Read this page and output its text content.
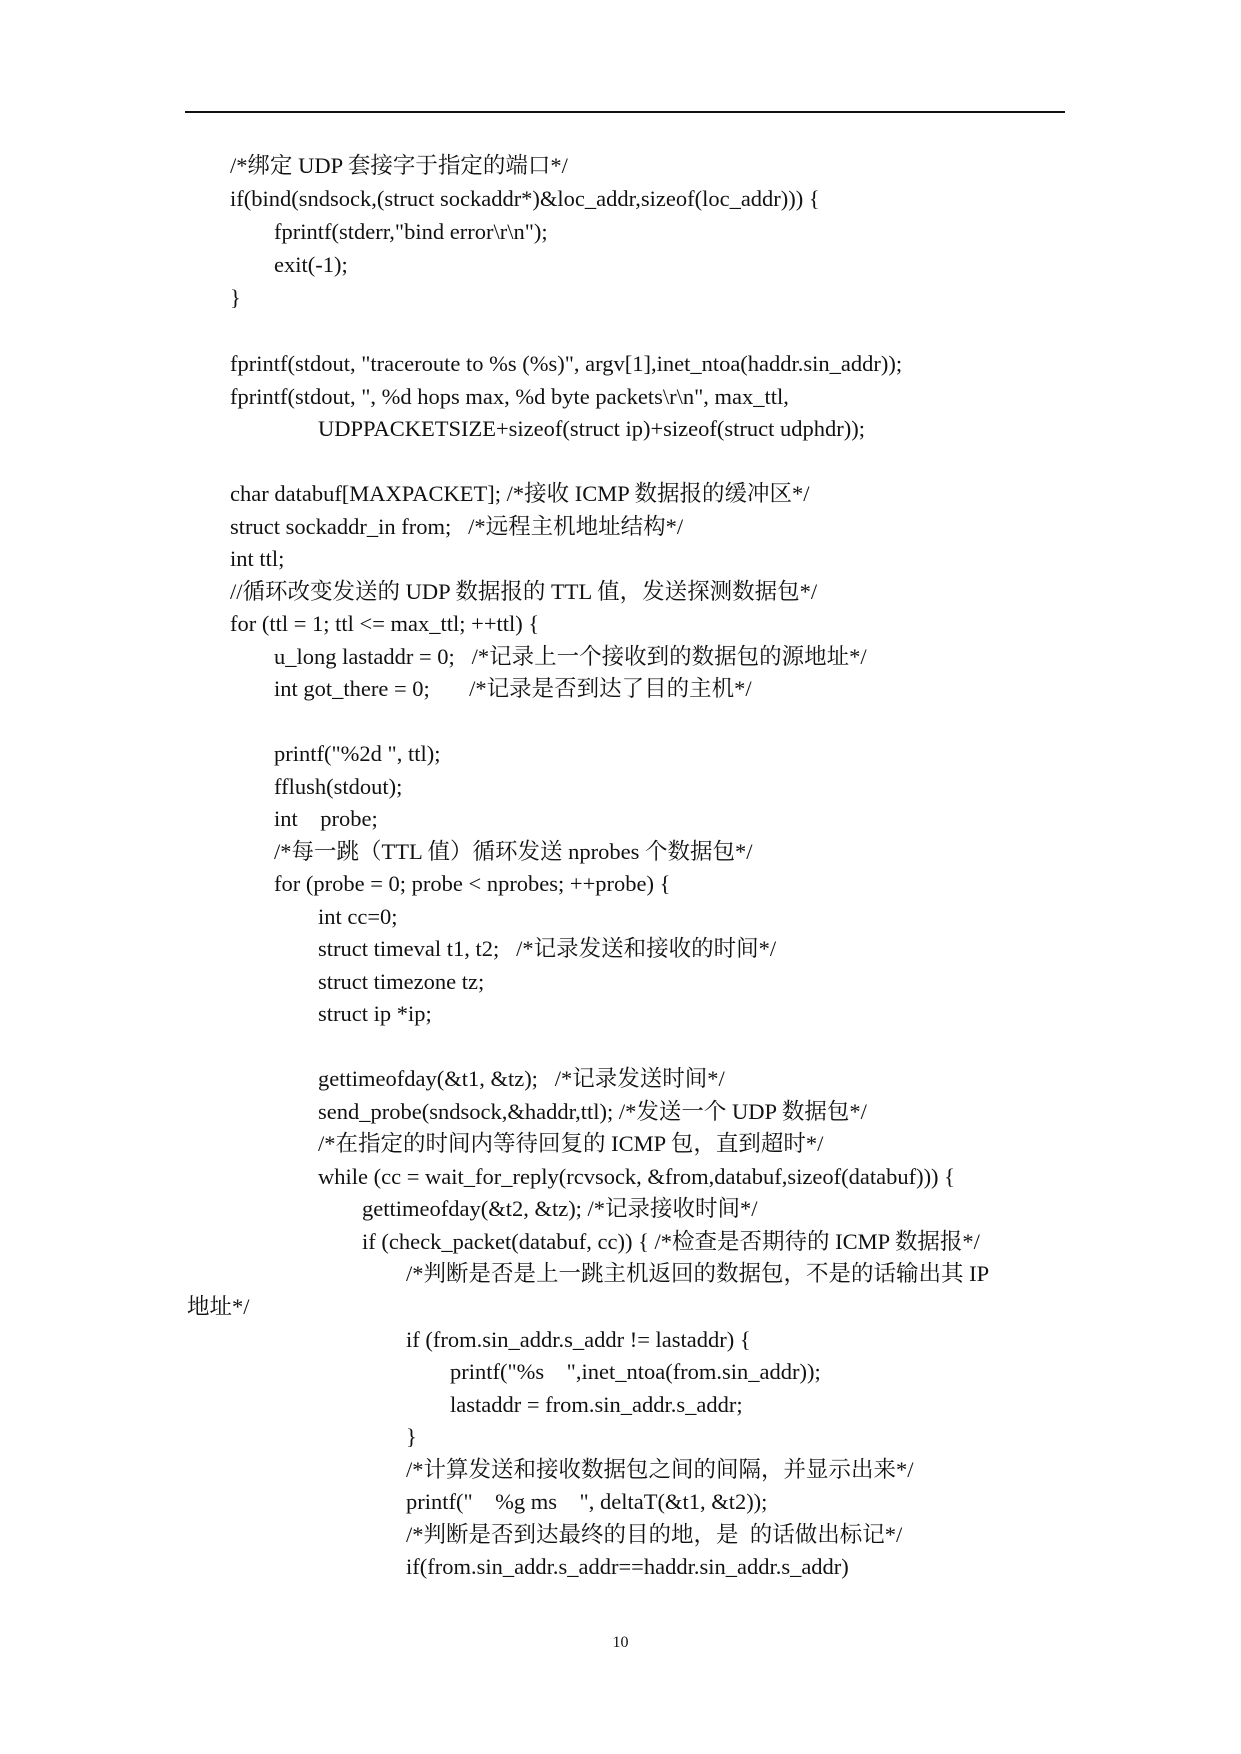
/*绑定 UDP 套接字于指定的端口*/
if(bind(sndsock,(struct sockaddr*)&loc_addr,sizeof(loc_addr))) {
fprintf(stderr,"bind error\r\n");
exit(-1);
}
fprintf(stdout, "traceroute to %s (%s)", argv[1],inet_ntoa(haddr.sin_addr));
fprintf(stdout, ", %d hops max, %d byte packets\r\n", max_ttl,
UDPPACKETSIZE+sizeof(struct ip)+sizeof(struct udphdr));
char databuf[MAXPACKET]; /*接收 ICMP 数据报的缓冲区*/
struct sockaddr_in from;   /*远程主机地址结构*/
int ttl;
//循环改变发送的 UDP 数据报的 TTL 值，发送探测数据包*/
for (ttl = 1; ttl <= max_ttl; ++ttl) {
u_long lastaddr = 0;   /*记录上一个接收到的数据包的源地址*/
int got_there = 0;       /*记录是否到达了目的主机*/
printf("%2d ", ttl);
fflush(stdout);
int    probe;
/*每一跳（TTL 值）循环发送 nprobes 个数据包*/
for (probe = 0; probe < nprobes; ++probe) {
int cc=0;
struct timeval t1, t2;   /*记录发送和接收的时间*/
struct timezone tz;
struct ip *ip;
gettimeofday(&t1, &tz);   /*记录发送时间*/
send_probe(sndsock,&haddr,ttl); /*发送一个 UDP 数据包*/
/*在指定的时间内等待回复的 ICMP 包，直到超时*/
while (cc = wait_for_reply(rcvsock, &from,databuf,sizeof(databuf))) {
gettimeofday(&t2, &tz); /*记录接收时间*/
if (check_packet(databuf, cc)) { /*检查是否期待的 ICMP 数据报*/
/*判断是否是上一跳主机返回的数据包，不是的话输出其 IP
地址*/
if (from.sin_addr.s_addr != lastaddr) {
printf("%s    ",inet_ntoa(from.sin_addr));
lastaddr = from.sin_addr.s_addr;
}
/*计算发送和接收数据包之间的间隔，并显示出来*/
printf("    %g ms    ", deltaT(&t1, &t2));
/*判断是否到达最终的目的地，是  的话做出标记*/
if(from.sin_addr.s_addr==haddr.sin_addr.s_addr)
10
